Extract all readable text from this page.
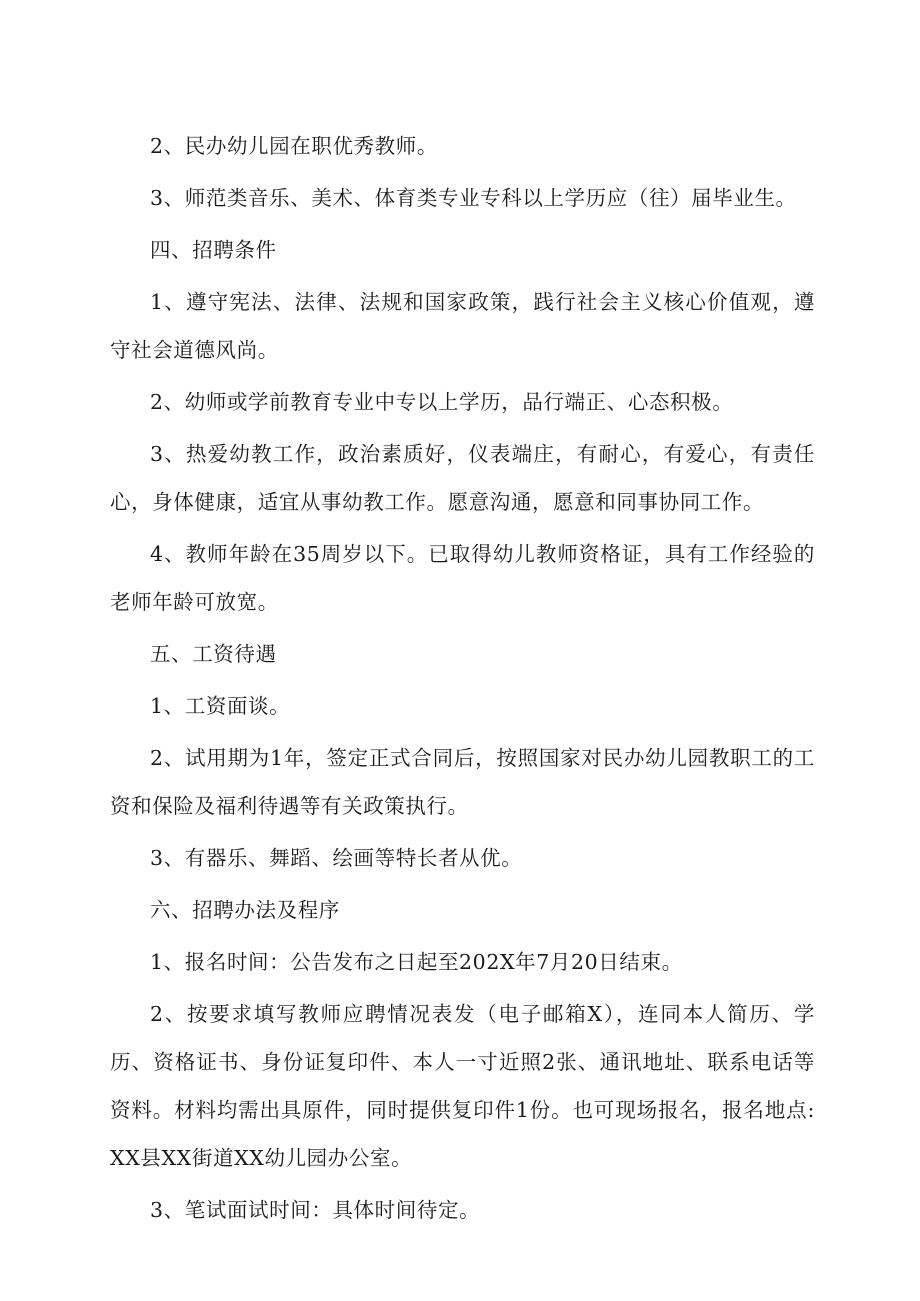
2、民办幼儿园在职优秀教师。

3、师范类音乐、美术、体育类专业专科以上学历应（往）届毕业生。

四、招聘条件

1、遵守宪法、法律、法规和国家政策，践行社会主义核心价值观，遵守社会道德风尚。

2、幼师或学前教育专业中专以上学历，品行端正、心态积极。

3、热爱幼教工作，政治素质好，仪表端庄，有耐心，有爱心，有责任心，身体健康，适宜从事幼教工作。愿意沟通，愿意和同事协同工作。

4、教师年龄在35周岁以下。已取得幼儿教师资格证，具有工作经验的老师年龄可放宽。

五、工资待遇

1、工资面谈。

2、试用期为1年，签定正式合同后，按照国家对民办幼儿园教职工的工资和保险及福利待遇等有关政策执行。

3、有器乐、舞蹈、绘画等特长者从优。

六、招聘办法及程序

1、报名时间：公告发布之日起至202X年7月20日结束。

2、按要求填写教师应聘情况表发（电子邮箱X），连同本人简历、学历、资格证书、身份证复印件、本人一寸近照2张、通讯地址、联系电话等资料。材料均需出具原件，同时提供复印件1份。也可现场报名，报名地点:XX县XX街道XX幼儿园办公室。

3、笔试面试时间：具体时间待定。
